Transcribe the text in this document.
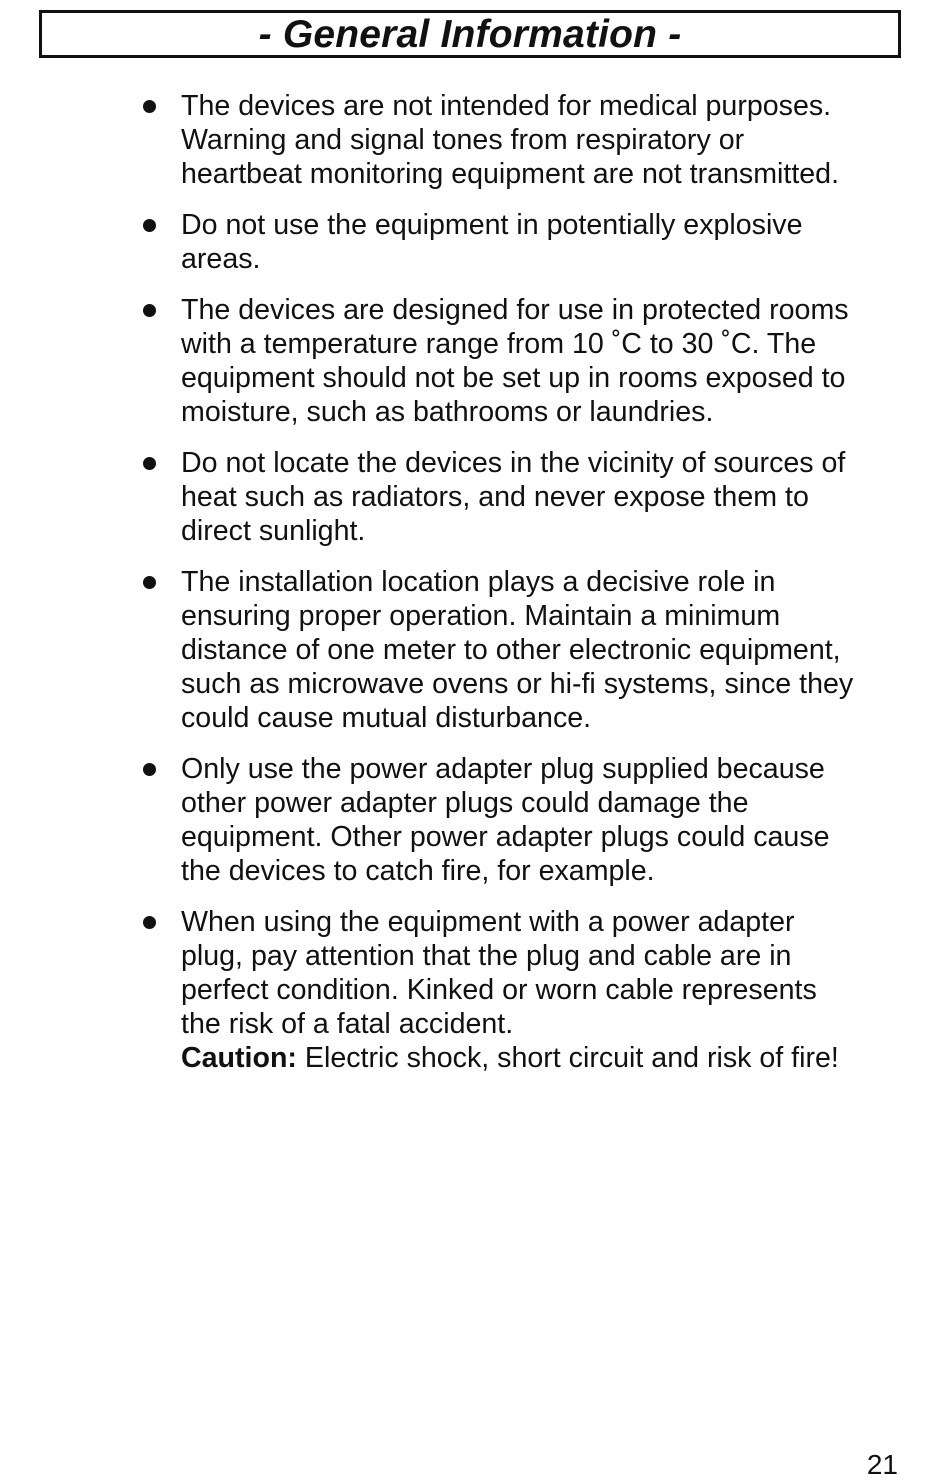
- General Information -
The devices are not intended for medical purposes.
Warning and signal tones from respiratory or
heartbeat monitoring equipment are not transmitted.
Do not use the equipment in potentially explosive
areas.
The devices are designed for use in protected rooms
with a temperature range from 10 ˚C to 30 ˚C. The
equipment should not be set up in rooms exposed to
moisture, such as bathrooms or laundries.
Do not locate the devices in the vicinity of sources of
heat such as radiators, and never expose them to
direct sunlight.
The installation location plays a decisive role in
ensuring proper operation. Maintain a minimum
distance of one meter to other electronic equipment,
such as microwave ovens or hi-fi systems, since they
could cause mutual disturbance.
Only use the power adapter plug supplied because
other power adapter plugs could damage the
equipment. Other power adapter plugs could cause
the devices to catch fire, for example.
When using the equipment with a power adapter
plug, pay attention that the plug and cable are in
perfect condition. Kinked or worn cable represents
the risk of a fatal accident.
Caution: Electric shock, short circuit and risk of fire!
21
